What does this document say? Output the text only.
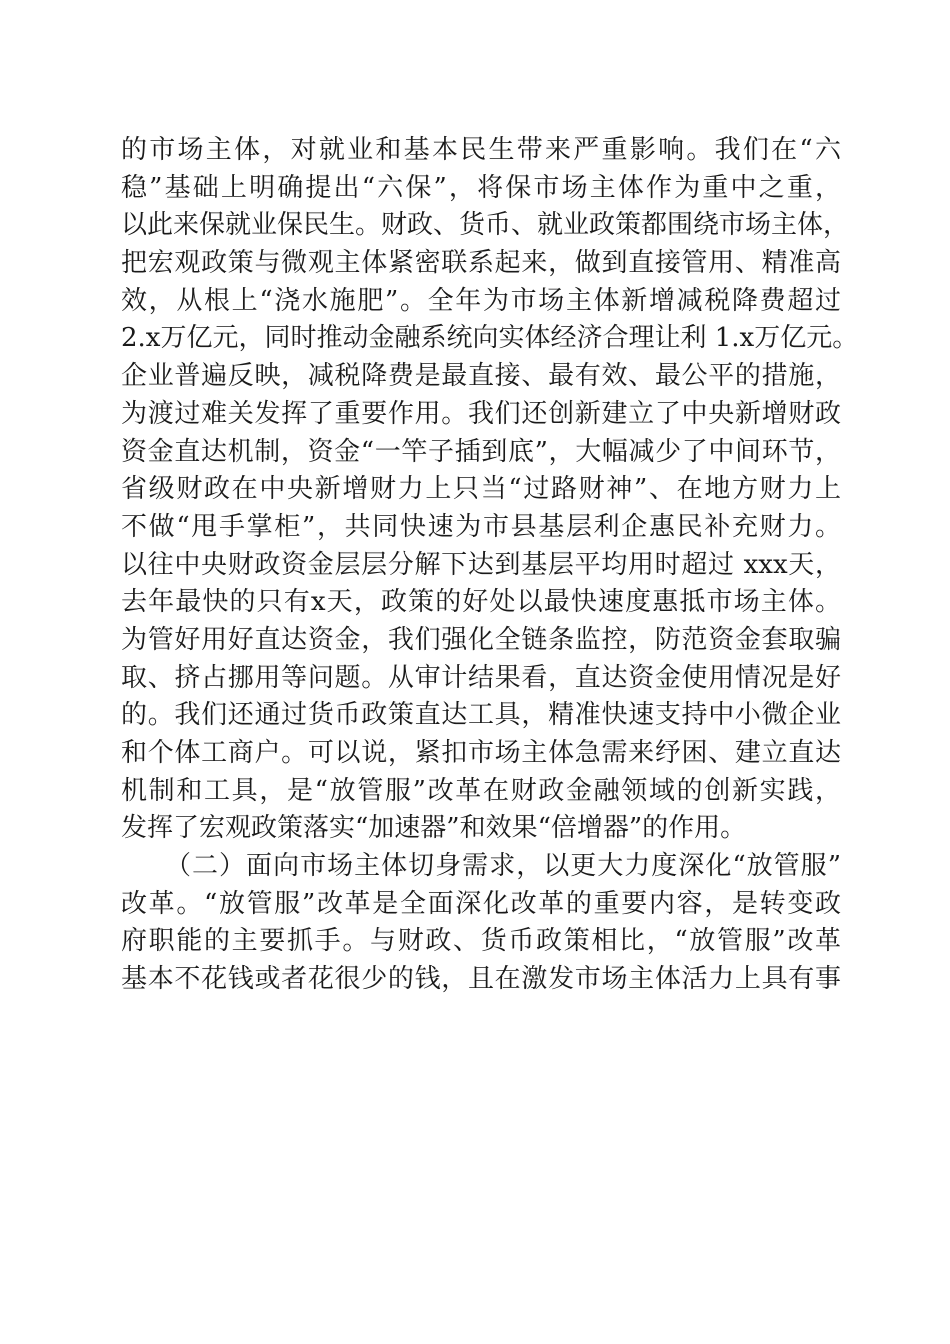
的市场主体，对就业和基本民生带来严重影响。我们在“六
稳”基础上明确提出“六保”，将保市场主体作为重中之重，
以此来保就业保民生。财政、货币、就业政策都围绕市场主体，
把宏观政策与微观主体紧密联系起来，做到直接管用、精准高
效，从根上“浇水施肥”。全年为市场主体新增减税降费超过
2.x万亿元，同时推动金融系统向实体经济合理让利 1.x万亿元。
企业普遍反映，减税降费是最直接、最有效、最公平的措施，
为渡过难关发挥了重要作用。我们还创新建立了中央新增财政
资金直达机制，资金“一竿子插到底”，大幅减少了中间环节，
省级财政在中央新增财力上只当“过路财神”、在地方财力上
不做“甩手掌柜”，共同快速为市县基层利企惠民补充财力。
以往中央财政资金层层分解下达到基层平均用时超过 xxx天，
去年最快的只有x天，政策的好处以最快速度惠抵市场主体。
为管好用好直达资金，我们强化全链条监控，防范资金套取骗
取、挤占挪用等问题。从审计结果看，直达资金使用情况是好
的。我们还通过货币政策直达工具，精准快速支持中小微企业
和个体工商户。可以说，紧扣市场主体急需来纾困、建立直达
机制和工具，是“放管服”改革在财政金融领域的创新实践，
发挥了宏观政策落实“加速器”和效果“倍增器”的作用。
（二）面向市场主体切身需求，以更大力度深化“放管服”
改革。“放管服”改革是全面深化改革的重要内容，是转变政
府职能的主要抓手。与财政、货币政策相比，“放管服”改革
基本不花钱或者花很少的钱，且在激发市场主体活力上具有事
